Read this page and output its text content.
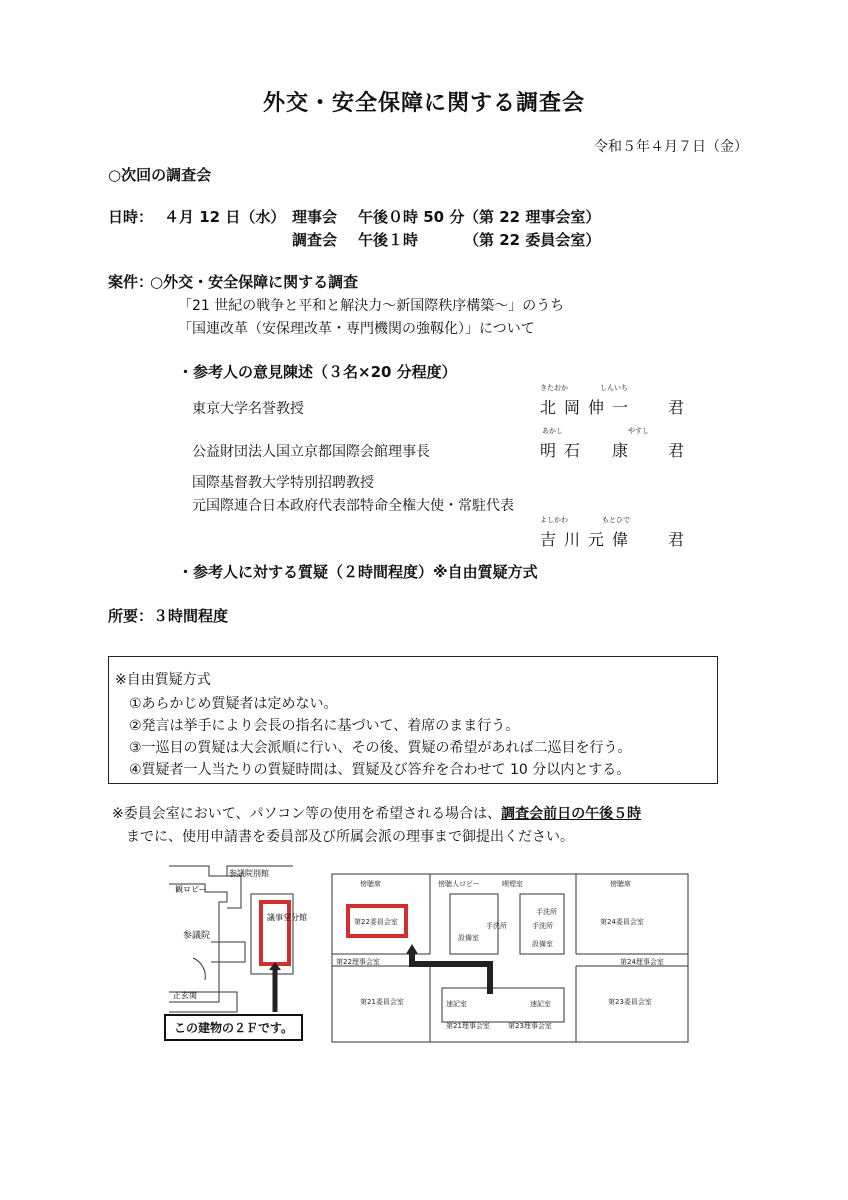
外交・安全保障に関する調査会
令和５年４月７日（金）
○次回の調査会
日時： ４月 12 日（水） 理事会 午後０時 50 分 （第 22 理事会室）
調査会 午後１時	（第 22 委員会室）
案件：
○外交・安全保障に関する調査
「21 世紀の戦争と平和と解決力～新国際秩序構築～」のうち
「国連改革（安保理改革・専門機関の強靱化）」について
・参考人の意見陳述（３名×20 分程度）
東京大学名誉教授
きたおか	しんいち
北岡伸一 君
公益財団法人国立京都国際会館理事長
あかし	やすし
明石　康 君
国際基督教大学特別招聘教授
元国際連合日本政府代表部特命全権大使・常駐代表
よしかわ	もとひで
吉川元偉 君
・参考人に対する質疑（２時間程度）※自由質疑方式
所要：３時間程度
※自由質疑方式
①あらかじめ質疑者は定めない。
②発言は挙手により会長の指名に基づいて、着席のまま行う。
③一巡目の質疑は大会派順に行い、その後、質疑の希望があれば二巡目を行う。
④質疑者一人当たりの質疑時間は、質疑及び答弁を合わせて 10 分以内とする。
※委員会室において、パソコン等の使用を希望される場合は、調査会前日の午後５時
までに、使用申請書を委員部及び所属会派の理事まで御提出ください。
参議院別館
観ロビー
参議院
正玄関
議事堂分館
この建物の２Ｆです。
傍聴席	傍聴人ロビー	喫煙室	傍聴席
第22委員会室
設備室
手洗所
手洗所
手洗所
設備室
第24委員会室
第22理事会室	第24理事会室
第21委員会室	第23委員会室
速記室	速記室
第21理事会室	第23理事会室
